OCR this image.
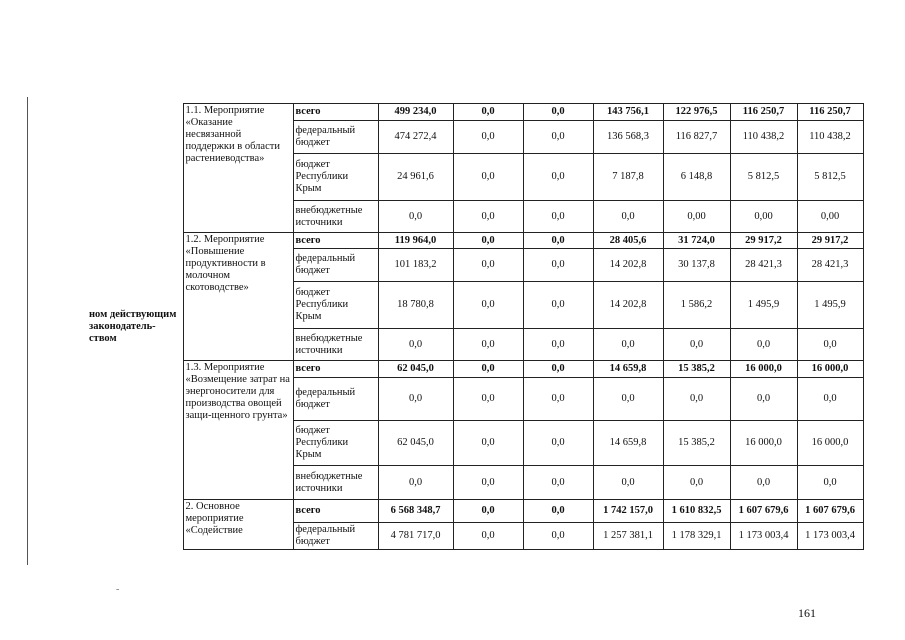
ном действующим законодатель-ством	1.1. Мероприятие «Оказание несвязанной поддержки в области растениеводства»	всего	499 234,0	0,0	0,0	143 756,1	122 976,5	116 250,7	116 250,7
		федеральный бюджет	474 272,4	0,0	0,0	136 568,3	116 827,7	110 438,2	110 438,2
		бюджет Республики Крым	24 961,6	0,0	0,0	7 187,8	6 148,8	5 812,5	5 812,5
		внебюджетные источники	0,0	0,0	0,0	0,0	0,00	0,00	0,00
	1.2. Мероприятие «Повышение продуктивности в молочном скотоводстве»	всего	119 964,0	0,0	0,0	28 405,6	31 724,0	29 917,2	29 917,2
		федеральный бюджет	101 183,2	0,0	0,0	14 202,8	30 137,8	28 421,3	28 421,3
		бюджет Республики Крым	18 780,8	0,0	0,0	14 202,8	1 586,2	1 495,9	1 495,9
		внебюджетные источники	0,0	0,0	0,0	0,0	0,0	0,0	0,0
	1.3. Мероприятие «Возмещение затрат на энергоносители для производства овощей защи-щенного грунта»	всего	62 045,0	0,0	0,0	14 659,8	15 385,2	16 000,0	16 000,0
		федеральный бюджет	0,0	0,0	0,0	0,0	0,0	0,0	0,0
		бюджет Республики Крым	62 045,0	0,0	0,0	14 659,8	15 385,2	16 000,0	16 000,0
		внебюджетные источники	0,0	0,0	0,0	0,0	0,0	0,0	0,0
	2. Основное мероприятие «Содействие	всего	6 568 348,7	0,0	0,0	1 742 157,0	1 610 832,5	1 607 679,6	1 607 679,6
		федеральный бюджет	4 781 717,0	0,0	0,0	1 257 381,1	1 178 329,1	1 173 003,4	1 173 003,4
161
-
